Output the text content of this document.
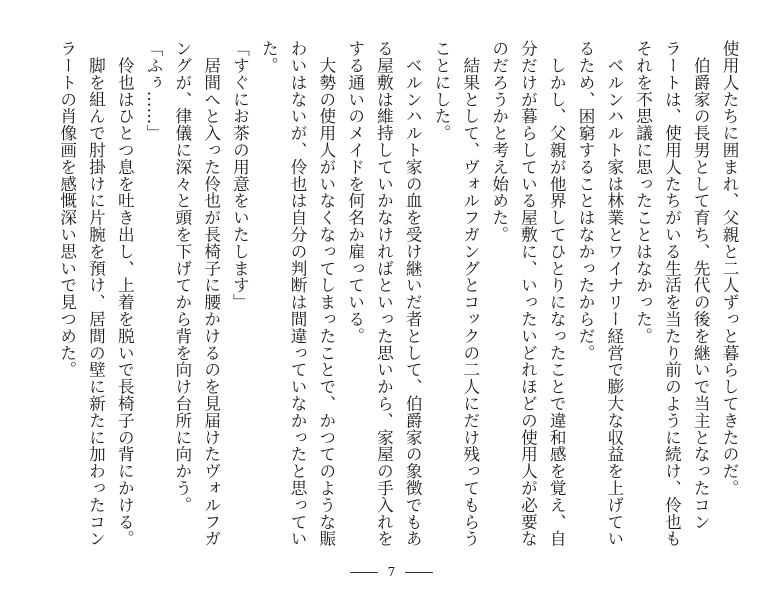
使用人たちに囲まれ、父親と二人ずっと暮らしてきたのだ。
　伯爵家の長男として育ち、先代の後を継いで当主となったコン
ラートは、使用人たちがいる生活を当たり前のように続け、伶也も
それを不思議に思ったことはなかった。
　ベルンハルト家は林業とワイナリー経営で膨大な収益を上げてい
るため、困窮することはなかったからだ。
　しかし、父親が他界してひとりになったことで違和感を覚え、自
分だけが暮らしている屋敷に、いったいどれほどの使用人が必要な
のだろうかと考え始めた。
　結果として、ヴォルフガングとコックの二人にだけ残ってもらう
ことにした。
　ベルンハルト家の血を受け継いだ者として、伯爵家の象徴でもあ
る屋敷は維持していかなければといった思いから、家屋の手入れを
する通いのメイドを何名か雇っている。
　大勢の使用人がいなくなってしまったことで、かつてのような賑
わいはないが、伶也は自分の判断は間違っていなかったと思ってい
た。
「すぐにお茶の用意をいたします」
　居間へと入った伶也が長椅子に腰かけるのを見届けたヴォルフガ
ングが、律儀に深々と頭を下げてから背を向け台所に向かう。
「ふぅ……」
　伶也はひとつ息を吐き出し、上着を脱いで長椅子の背にかける。
　脚を組んで肘掛けに片腕を預け、居間の壁に新たに加わったコン
ラートの肖像画を感慨深い思いで見つめた。
7
